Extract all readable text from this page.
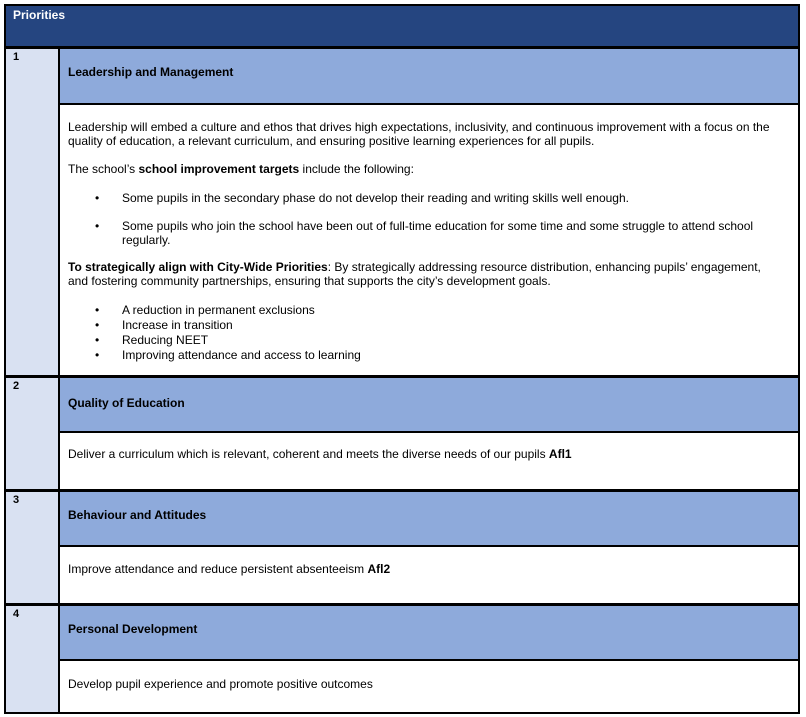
Priorities
1
Leadership and Management

Leadership will embed a culture and ethos that drives high expectations, inclusivity, and continuous improvement with a focus on the quality of education, a relevant curriculum, and ensuring positive learning experiences for all pupils.

The school’s school improvement targets include the following:

• Some pupils in the secondary phase do not develop their reading and writing skills well enough.
• Some pupils who join the school have been out of full-time education for some time and some struggle to attend school regularly.

To strategically align with City-Wide Priorities: By strategically addressing resource distribution, enhancing pupils’ engagement, and fostering community partnerships, ensuring that supports the city’s development goals.

• A reduction in permanent exclusions
• Increase in transition
• Reducing NEET
• Improving attendance and access to learning
2
Quality of Education

Deliver a curriculum which is relevant, coherent and meets the diverse needs of our pupils Afl1

3
Behaviour and Attitudes

Improve attendance and reduce persistent absenteeism Afl2

4
Personal Development

Develop pupil experience and promote positive outcomes
